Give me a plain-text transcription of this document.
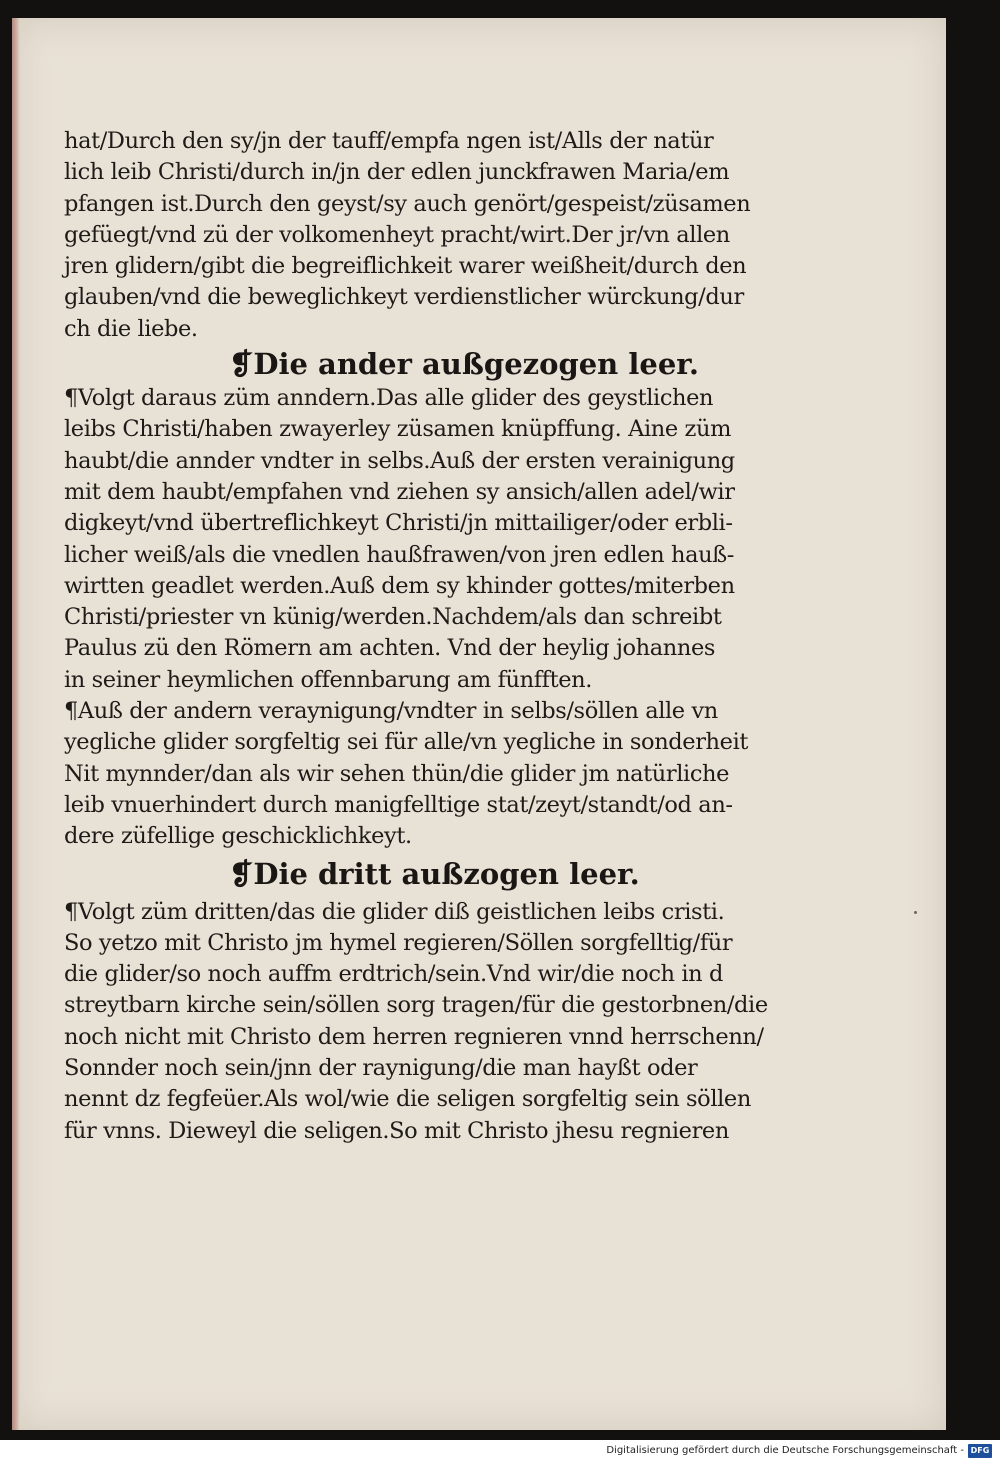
hat/Durch den sy/jn der tauff/empfa ngen ist/Alls der natür
lich leib Christi/durch in/jn der edlen junckfrawen Maria/em
pfangen ist.Durch den geyst/sy auch genört/gespeist/züsamen
gefüegt/vnd zü der volkomenheyt pracht/wirt.Der jr/vn allen
jren glidern/gibt die begreiflichkeit warer weißheit/durch den
glauben/vnd die beweglichkeyt verdienstlicher würckung/dur
ch die liebe.
❡Die ander außgezogen leer.
¶Volgt daraus züm anndern.Das alle glider des geystlichen
leibs Christi/haben zwayerley züsamen knüpffung. Aine züm
haubt/die annder vndter in selbs.Auß der ersten verainigung
mit dem haubt/empfahen vnd ziehen sy ansich/allen adel/wir
digkeyt/vnd übertreflichkeyt Christi/jn mittailiger/oder erbli-
licher weiß/als die vnedlen haußfrawen/von jren edlen hauß-
wirtten geadlet werden.Auß dem sy khinder gottes/miterben
Christi/priester vn künig/werden.Nachdem/als dan schreibt
Paulus zü den Römern am achten. Vnd der heylig johannes
in seiner heymlichen offennbarung am fünfften.
¶Auß der andern veraynigung/vndter in selbs/söllen alle vn
yegliche glider sorgfeltig sei für alle/vn yegliche in sonderheit
Nit mynnder/dan als wir sehen thün/die glider jm natürliche
leib vnuerhindert durch manigfelltige stat/zeyt/standt/od an-
dere züfellige geschicklichkeyt.
❡Die dritt außzogen leer.
¶Volgt züm dritten/das die glider diß geistlichen leibs cristi.
So yetzo mit Christo jm hymel regieren/Söllen sorgfelltig/für
die glider/so noch auffm erdtrich/sein.Vnd wir/die noch in d
streytbarn kirche sein/söllen sorg tragen/für die gestorbnen/die
noch nicht mit Christo dem herren regnieren vnnd herrschenn/
Sonnder noch sein/jnn der raynigung/die man hayßt oder
nennt dz fegfeüer.Als wol/wie die seligen sorgfeltig sein söllen
für vnns. Dieweyl die seligen.So mit Christo jhesu regnieren
Digitalisierung gefördert durch die Deutsche Forschungsgemeinschaft - DFG
